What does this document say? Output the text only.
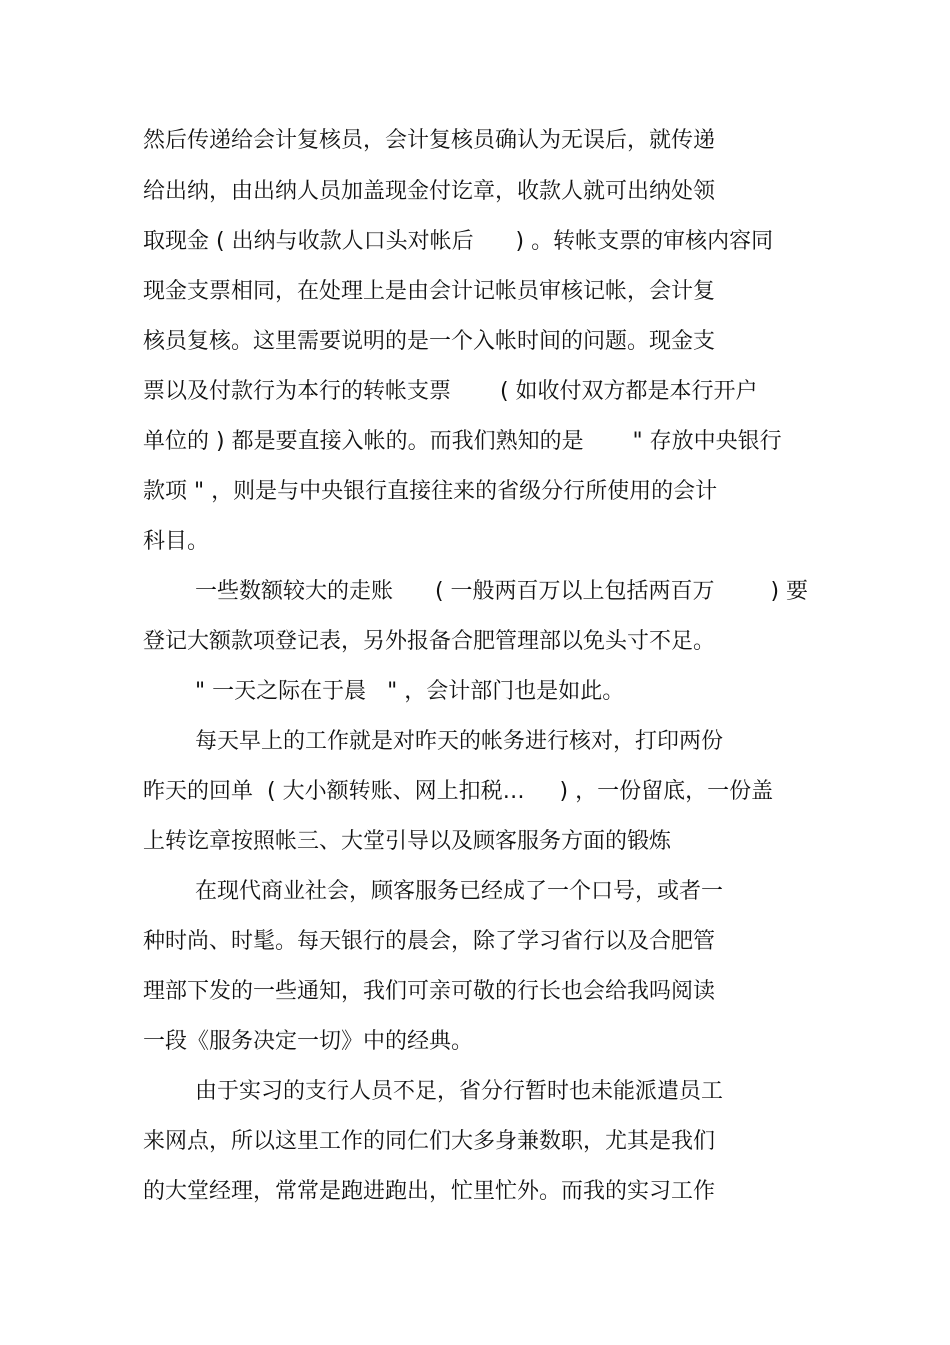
然后传递给会计复核员，会计复核员确认为无误后，就传递
给出纳，由出纳人员加盖现金付讫章，收款人就可出纳处领
取现金 ( 出纳与收款人口头对帐后      ) 。转帐支票的审核内容同
现金支票相同，在处理上是由会计记帐员审核记帐，会计复
核员复核。这里需要说明的是一个入帐时间的问题。现金支
票以及付款行为本行的转帐支票       ( 如收付双方都是本行开户
单位的 ) 都是要直接入帐的。而我们熟知的是       " 存放中央银行
款项 " ，则是与中央银行直接往来的省级分行所使用的会计
科目。
一些数额较大的走账      ( 一般两百万以上包括两百万        ) 要
登记大额款项登记表，另外报备合肥管理部以免头寸不足。
" 一天之际在于晨   " ，会计部门也是如此。
每天早上的工作就是对昨天的帐务进行核对，打印两份
昨天的回单  ( 大小额转账、网上扣税…     ) ，一份留底，一份盖
上转讫章按照帐三、大堂引导以及顾客服务方面的锻炼
在现代商业社会，顾客服务已经成了一个口号，或者一
种时尚、时髦。每天银行的晨会，除了学习省行以及合肥管
理部下发的一些通知，我们可亲可敬的行长也会给我吗阅读
一段《服务决定一切》中的经典。
由于实习的支行人员不足，省分行暂时也未能派遣员工
来网点，所以这里工作的同仁们大多身兼数职，尤其是我们
的大堂经理，常常是跑进跑出，忙里忙外。而我的实习工作
